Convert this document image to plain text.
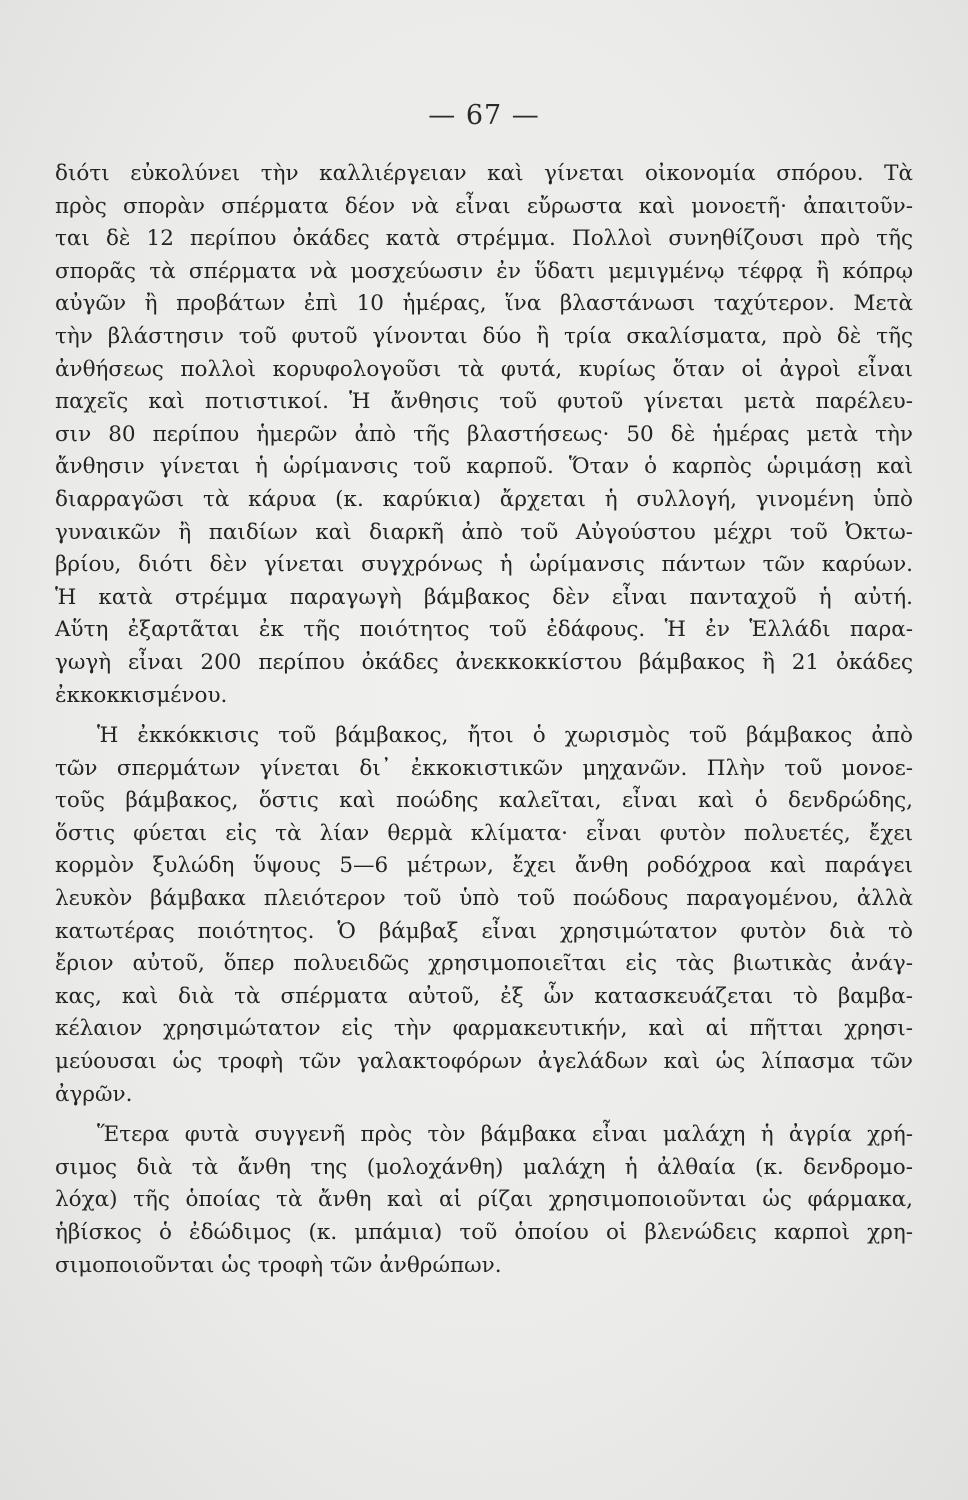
— 67 —
διότι εὐκολύνει τὴν καλλιέργειαν καὶ γίνεται οἰκονομία σπόρου. Τὰ
πρὸς σπορὰν σπέρματα δέον νὰ εἶναι εὔρωστα καὶ μονοετῆ· ἀπαιτοῦν-
ται δὲ 12 περίπου ὀκάδες κατὰ στρέμμα. Πολλοὶ συνηθίζουσι πρὸ τῆς
σπορᾶς τὰ σπέρματα νὰ μοσχεύωσιν ἐν ὕδατι μεμιγμένῳ τέφρᾳ ἢ κόπρῳ
αὐγῶν ἢ προβάτων ἐπὶ 10 ἡμέρας, ἵνα βλαστάνωσι ταχύτερον. Μετὰ
τὴν βλάστησιν τοῦ φυτοῦ γίνονται δύο ἢ τρία σκαλίσματα, πρὸ δὲ τῆς
ἀνθήσεως πολλοὶ κορυφολογοῦσι τὰ φυτά, κυρίως ὅταν οἱ ἀγροὶ εἶναι
παχεῖς καὶ ποτιστικοί. Ἡ ἄνθησις τοῦ φυτοῦ γίνεται μετὰ παρέλευ-
σιν 80 περίπου ἡμερῶν ἀπὸ τῆς βλαστήσεως· 50 δὲ ἡμέρας μετὰ τὴν
ἄνθησιν γίνεται ἡ ὡρίμανσις τοῦ καρποῦ. Ὅταν ὁ καρπὸς ὡριμάσῃ καὶ
διαρραγῶσι τὰ κάρυα (κ. καρύκια) ἄρχεται ἡ συλλογή, γινομένη ὑπὸ
γυναικῶν ἢ παιδίων καὶ διαρκῆ ἀπὸ τοῦ Αὐγούστου μέχρι τοῦ Ὀκτω-
βρίου, διότι δὲν γίνεται συγχρόνως ἡ ὡρίμανσις πάντων τῶν καρύων.
Ἡ κατὰ στρέμμα παραγωγὴ βάμβακος δὲν εἶναι πανταχοῦ ἡ αὐτή.
Αὕτη ἐξαρτᾶται ἐκ τῆς ποιότητος τοῦ ἐδάφους. Ἡ ἐν Ἑλλάδι παρα-
γωγὴ εἶναι 200 περίπου ὀκάδες ἀνεκκοκκίστου βάμβακος ἢ 21 ὀκάδες
ἐκκοκκισμένου.
Ἡ ἐκκόκκισις τοῦ βάμβακος, ἤτοι ὁ χωρισμὸς τοῦ βάμβακος ἀπὸ
τῶν σπερμάτων γίνεται δι᾽ ἐκκοκιστικῶν μηχανῶν. Πλὴν τοῦ μονοε-
τοῦς βάμβακος, ὅστις καὶ ποώδης καλεῖται, εἶναι καὶ ὁ δενδρώδης,
ὅστις φύεται εἰς τὰ λίαν θερμὰ κλίματα· εἶναι φυτὸν πολυετές, ἔχει
κορμὸν ξυλώδη ὕψους 5—6 μέτρων, ἔχει ἄνθη ροδόχροα καὶ παράγει
λευκὸν βάμβακα πλειότερον τοῦ ὑπὸ τοῦ ποώδους παραγομένου, ἀλλὰ
κατωτέρας ποιότητος. Ὁ βάμβαξ εἶναι χρησιμώτατον φυτὸν διὰ τὸ
ἔριον αὐτοῦ, ὅπερ πολυειδῶς χρησιμοποιεῖται εἰς τὰς βιωτικὰς ἀνάγ-
κας, καὶ διὰ τὰ σπέρματα αὐτοῦ, ἐξ ὧν κατασκευάζεται τὸ βαμβα-
κέλαιον χρησιμώτατον εἰς τὴν φαρμακευτικήν, καὶ αἱ πῆτται χρησι-
μεύουσαι ὡς τροφὴ τῶν γαλακτοφόρων ἀγελάδων καὶ ὡς λίπασμα τῶν
ἀγρῶν.
Ἕτερα φυτὰ συγγενῆ πρὸς τὸν βάμβακα εἶναι μαλάχη ἡ ἀγρία χρή-
σιμος διὰ τὰ ἄνθη της (μολοχάνθη) μαλάχη ἡ ἀλθαία (κ. δενδρομο-
λόχα) τῆς ὁποίας τὰ ἄνθη καὶ αἱ ρίζαι χρησιμοποιοῦνται ὡς φάρμακα,
ἡβίσκος ὁ ἐδώδιμος (κ. μπάμια) τοῦ ὁποίου οἱ βλενώδεις καρποὶ χρη-
σιμοποιοῦνται ὡς τροφὴ τῶν ἀνθρώπων.
